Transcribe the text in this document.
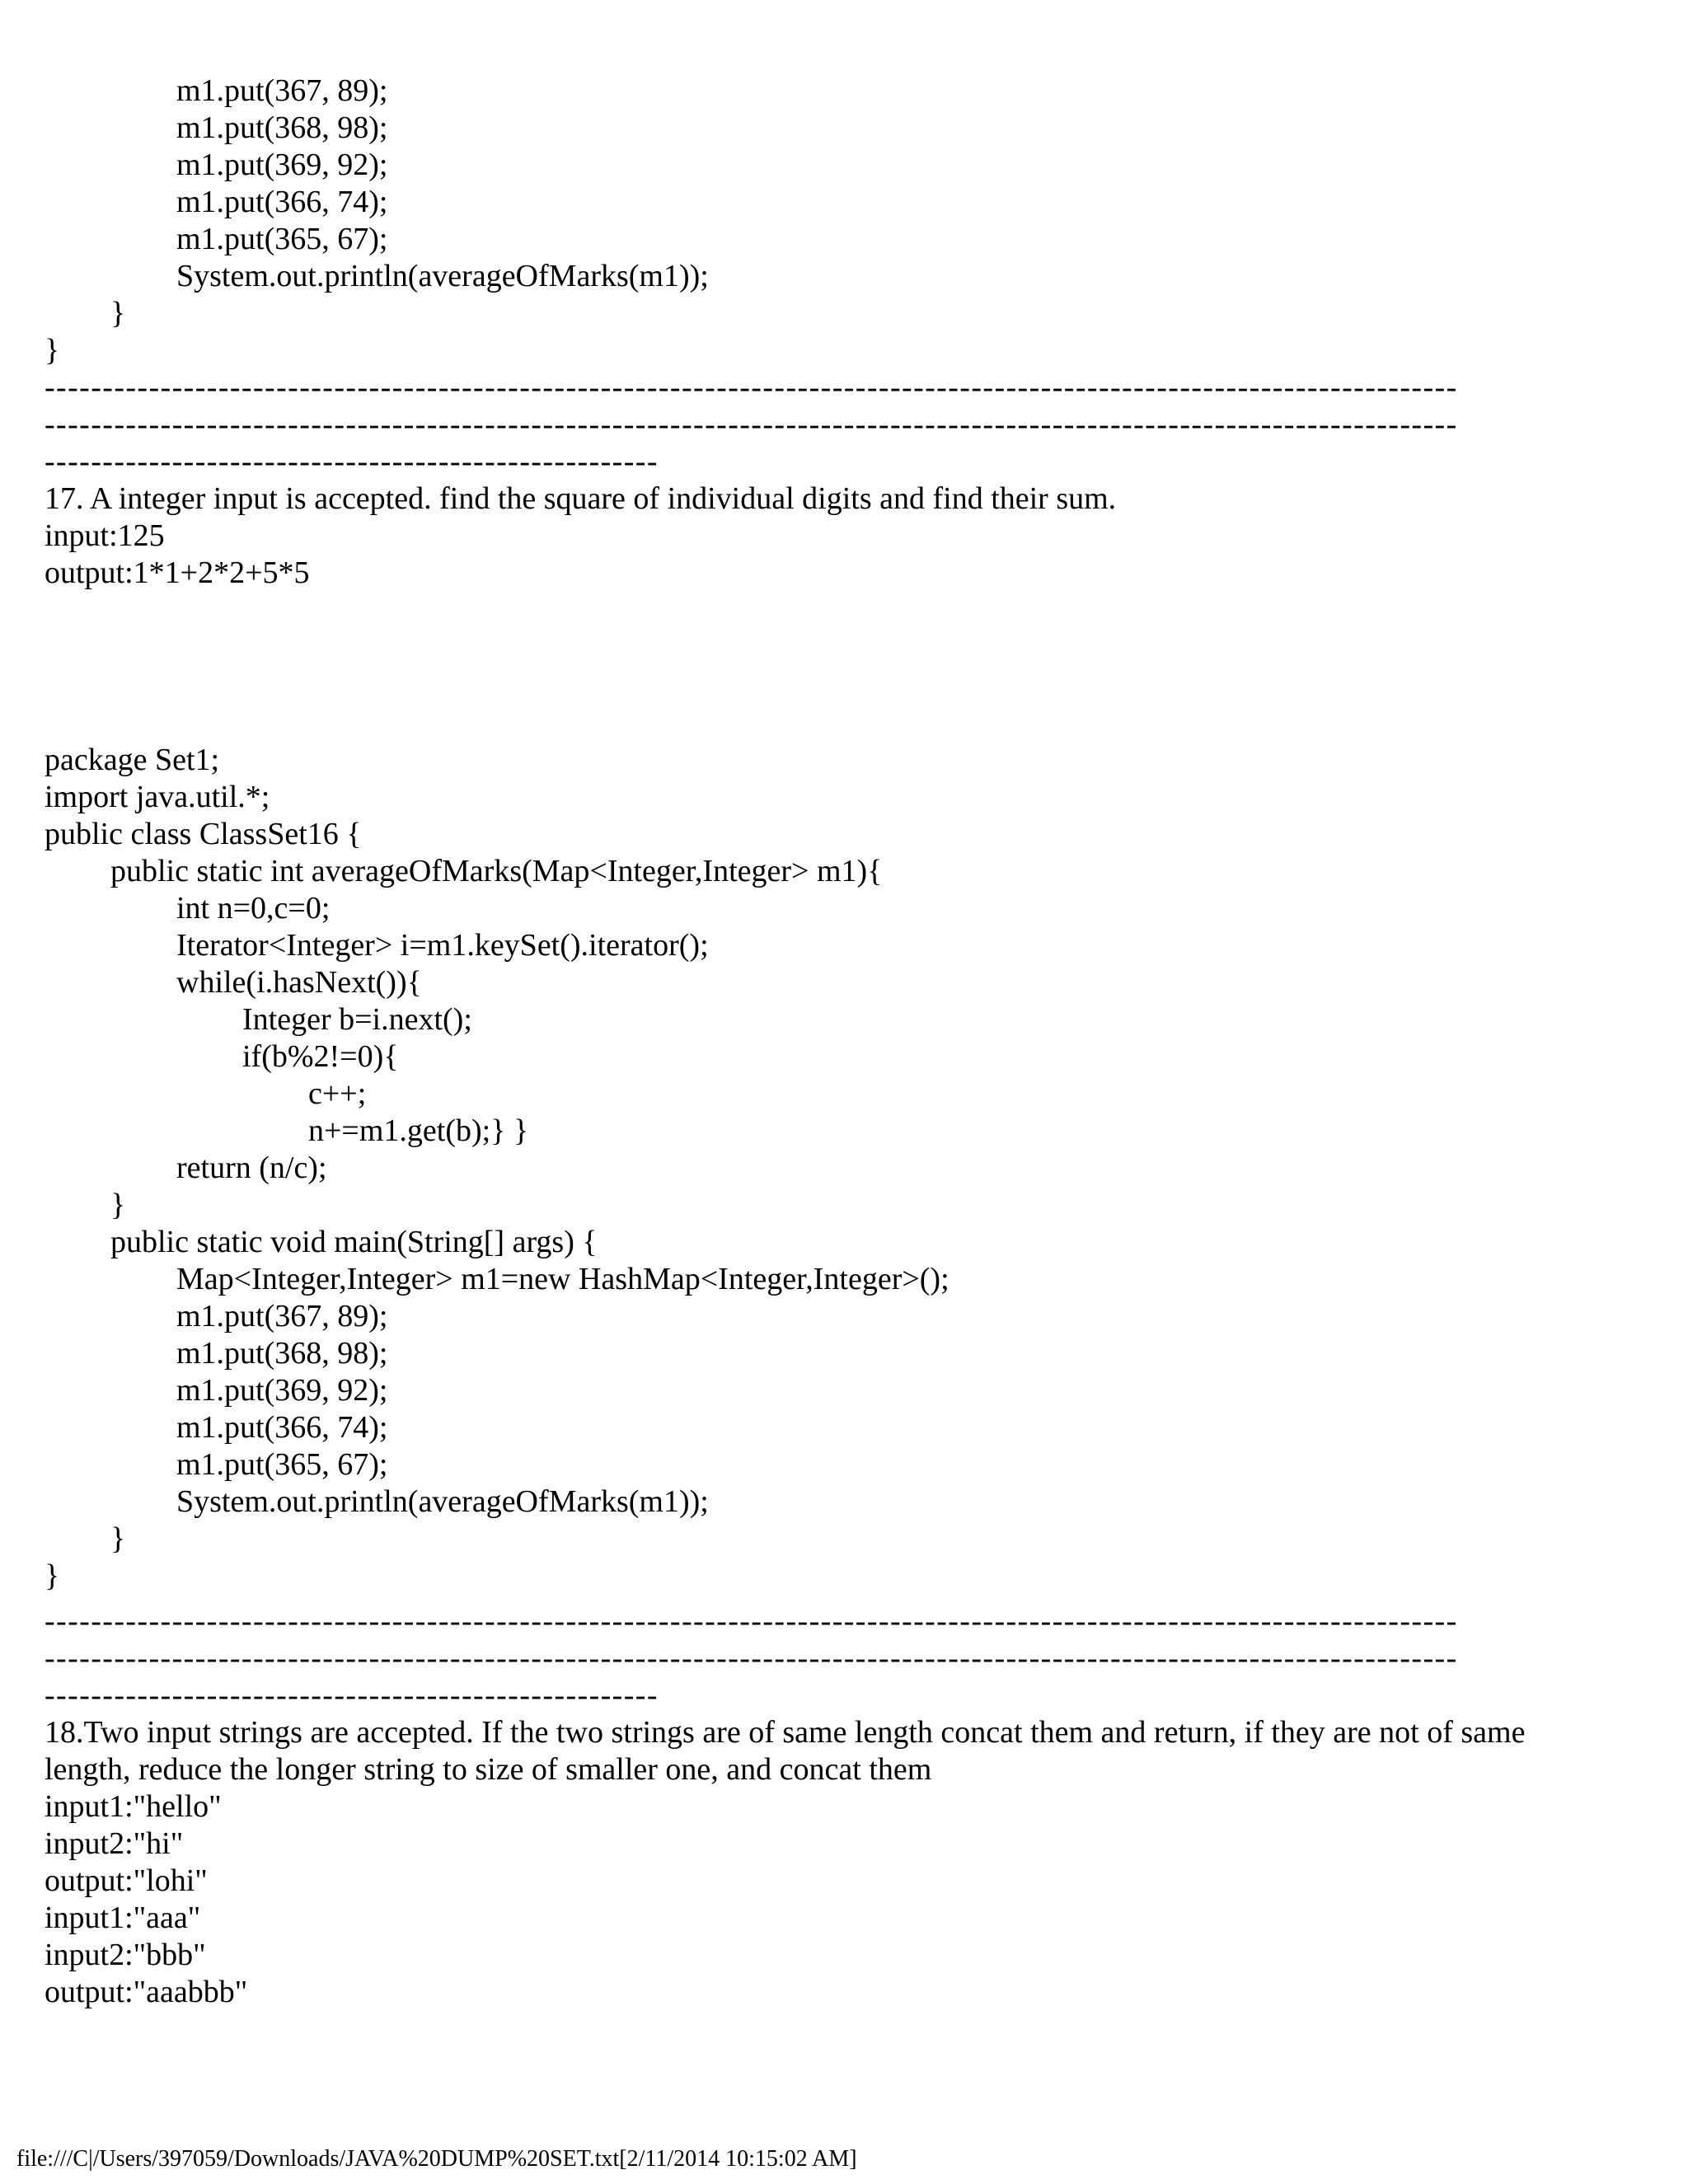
m1.put(367, 89);
m1.put(368, 98);
m1.put(369, 92);
m1.put(366, 74);
m1.put(365, 67);
System.out.println(averageOfMarks(m1));
}
}
--------------------------------------------------------------------------------------------------------------------------
--------------------------------------------------------------------------------------------------------------------------
-----------------------------------------------------
17. A integer input is accepted. find the square of individual digits and find their sum.
input:125
output:1*1+2*2+5*5
package Set1;
import java.util.*;
public class ClassSet16 {
public static int averageOfMarks(Map<Integer,Integer> m1){
int n=0,c=0;
Iterator<Integer> i=m1.keySet().iterator();
while(i.hasNext()){
Integer b=i.next();
if(b%2!=0){
c++;
n+=m1.get(b);} }
return (n/c);
}
public static void main(String[] args) {
Map<Integer,Integer> m1=new HashMap<Integer,Integer>();
m1.put(367, 89);
m1.put(368, 98);
m1.put(369, 92);
m1.put(366, 74);
m1.put(365, 67);
System.out.println(averageOfMarks(m1));
}
}
--------------------------------------------------------------------------------------------------------------------------
--------------------------------------------------------------------------------------------------------------------------
-----------------------------------------------------
18.Two input strings are accepted. If the two strings are of same length concat them and return, if they are not of same
length, reduce the longer string to size of smaller one, and concat them
input1:"hello"
input2:"hi"
output:"lohi"
input1:"aaa"
input2:"bbb"
output:"aaabbb"
file:///C|/Users/397059/Downloads/JAVA%20DUMP%20SET.txt[2/11/2014 10:15:02 AM]
